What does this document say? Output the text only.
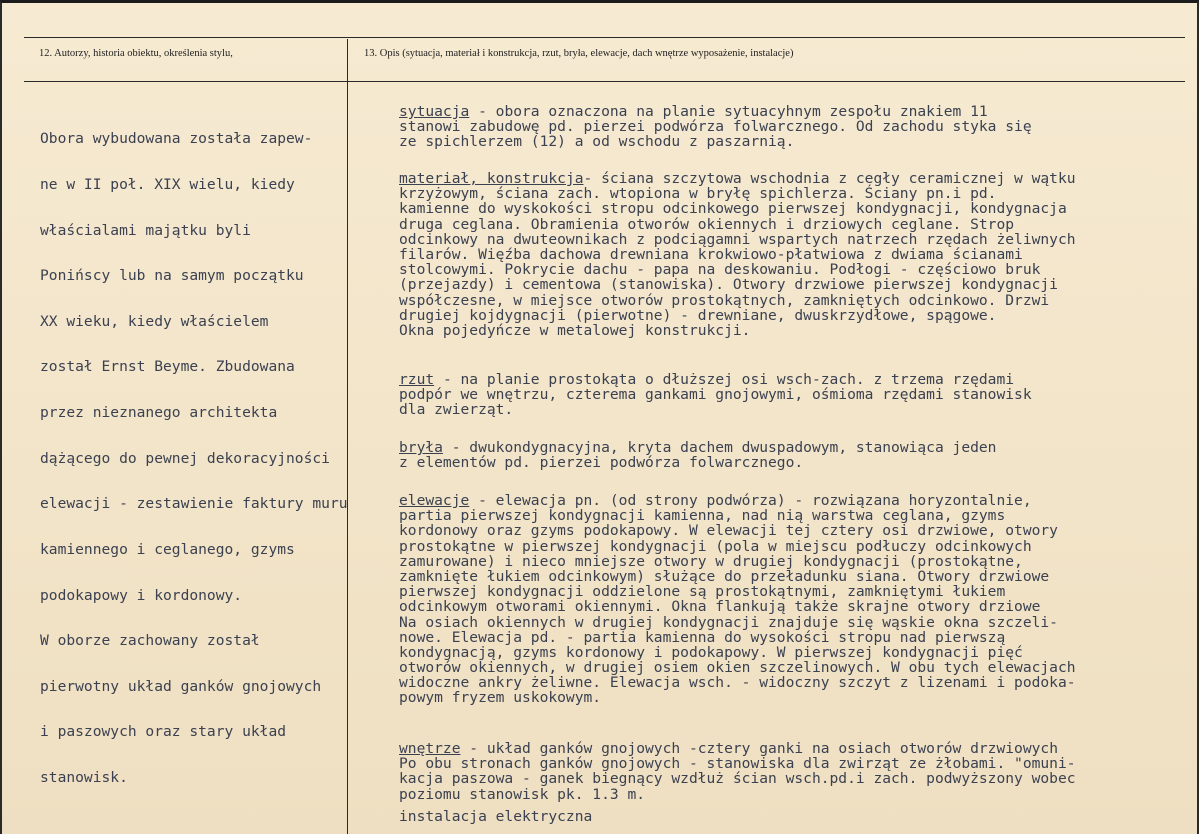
12. Autorzy, historia obiektu, określenia stylu,	13. Opis (sytuacja, materiał i konstrukcja, rzut, bryła, elewacje, dach wnętrze wyposażenie, instalacje)

Obora wybudowana została zapew-

ne w II poł. XIX wielu, kiedy

właścialami majątku byli

Ponińscy lub na samym początku

XX wieku, kiedy właścielem

został Ernst Beyme. Zbudowana

przez nieznanego architekta

dążącego do pewnej dekoracyjności

elewacji - zestawienie faktury muru

kamiennego i ceglanego, gzyms

podokapowy i kordonowy.

W oborze zachowany został

pierwotny układ ganków gnojowych

i paszowych oraz stary układ

stanowisk.

sytuacja - obora oznaczona na planie sytuacyhnym zespołu znakiem 11
stanowi zabudowę pd. pierzei podwórza folwarcznego. Od zachodu styka się
ze spichlerzem (12) a od wschodu z paszarnią.
materiał, konstrukcja- ściana szczytowa wschodnia z cegły ceramicznej w wątku
krzyżowym, ściana zach. wtopiona w bryłę spichlerza. Ściany pn.i pd.
kamienne do wyskokości stropu odcinkowego pierwszej kondygnacji, kondygnacja
druga ceglana. Obramienia otworów okiennych i drziowych ceglane. Strop
odcinkowy na dwuteownikach z podciągamni wspartych natrzech rzędach żeliwnych
filarów. Więźba dachowa drewniana krokwiowo-płatwiowa z dwiama ścianami
stolcowymi. Pokrycie dachu - papa na deskowaniu. Podłogi - częściowo bruk
(przejazdy) i cementowa (stanowiska). Otwory drzwiowe pierwszej kondygnacji
współczesne, w miejsce otworów prostokątnych, zamkniętych odcinkowo. Drzwi
drugiej kojdygnacji (pierwotne) - drewniane, dwuskrzydłowe, spągowe.
Okna pojedyńcze w metalowej konstrukcji.
rzut - na planie prostokąta o dłuższej osi wsch-zach. z trzema rzędami
podpór we wnętrzu, czterema gankami gnojowymi, ośmioma rzędami stanowisk
dla zwierząt.
bryła - dwukondygnacyjna, kryta dachem dwuspadowym, stanowiąca jeden
z elementów pd. pierzei podwórza folwarcznego.
elewacje - elewacja pn. (od strony podwórza) - rozwiązana horyzontalnie,
partia pierwszej kondygnacji kamienna, nad nią warstwa ceglana, gzyms
kordonowy oraz gzyms podokapowy. W elewacji tej cztery osi drzwiowe, otwory
prostokątne w pierwszej kondygnacji (pola w miejscu podłuczy odcinkowych
zamurowane) i nieco mniejsze otwory w drugiej kondygnacji (prostokątne,
zamknięte łukiem odcinkowym) służące do przeładunku siana. Otwory drzwiowe
pierwszej kondygnacji oddzielone są prostokątnymi, zamkniętymi łukiem
odcinkowym otworami okiennymi. Okna flankują także skrajne otwory drziowe
Na osiach okiennych w drugiej kondygnacji znajduje się wąskie okna szczeli-
nowe. Elewacja pd. - partia kamienna do wysokości stropu nad pierwszą
kondygnacją, gzyms kordonowy i podokapowy. W pierwszej kondygnacji pięć
otworów okiennych, w drugiej osiem okien szczelinowych. W obu tych elewacjach
widoczne ankry żeliwne. Elewacja wsch. - widoczny szczyt z lizenami i podoka-
powym fryzem uskokowym.
wnętrze - układ ganków gnojowych -cztery ganki na osiach otworów drzwiowych
Po obu stronach ganków gnojowych - stanowiska dla zwirząt ze żłobami. "omuni-
kacja paszowa - ganek biegnący wzdłuż ścian wsch.pd.i zach. podwyższony wobec
poziomu stanowisk pk. 1.3 m.
instalacja elektryczna
